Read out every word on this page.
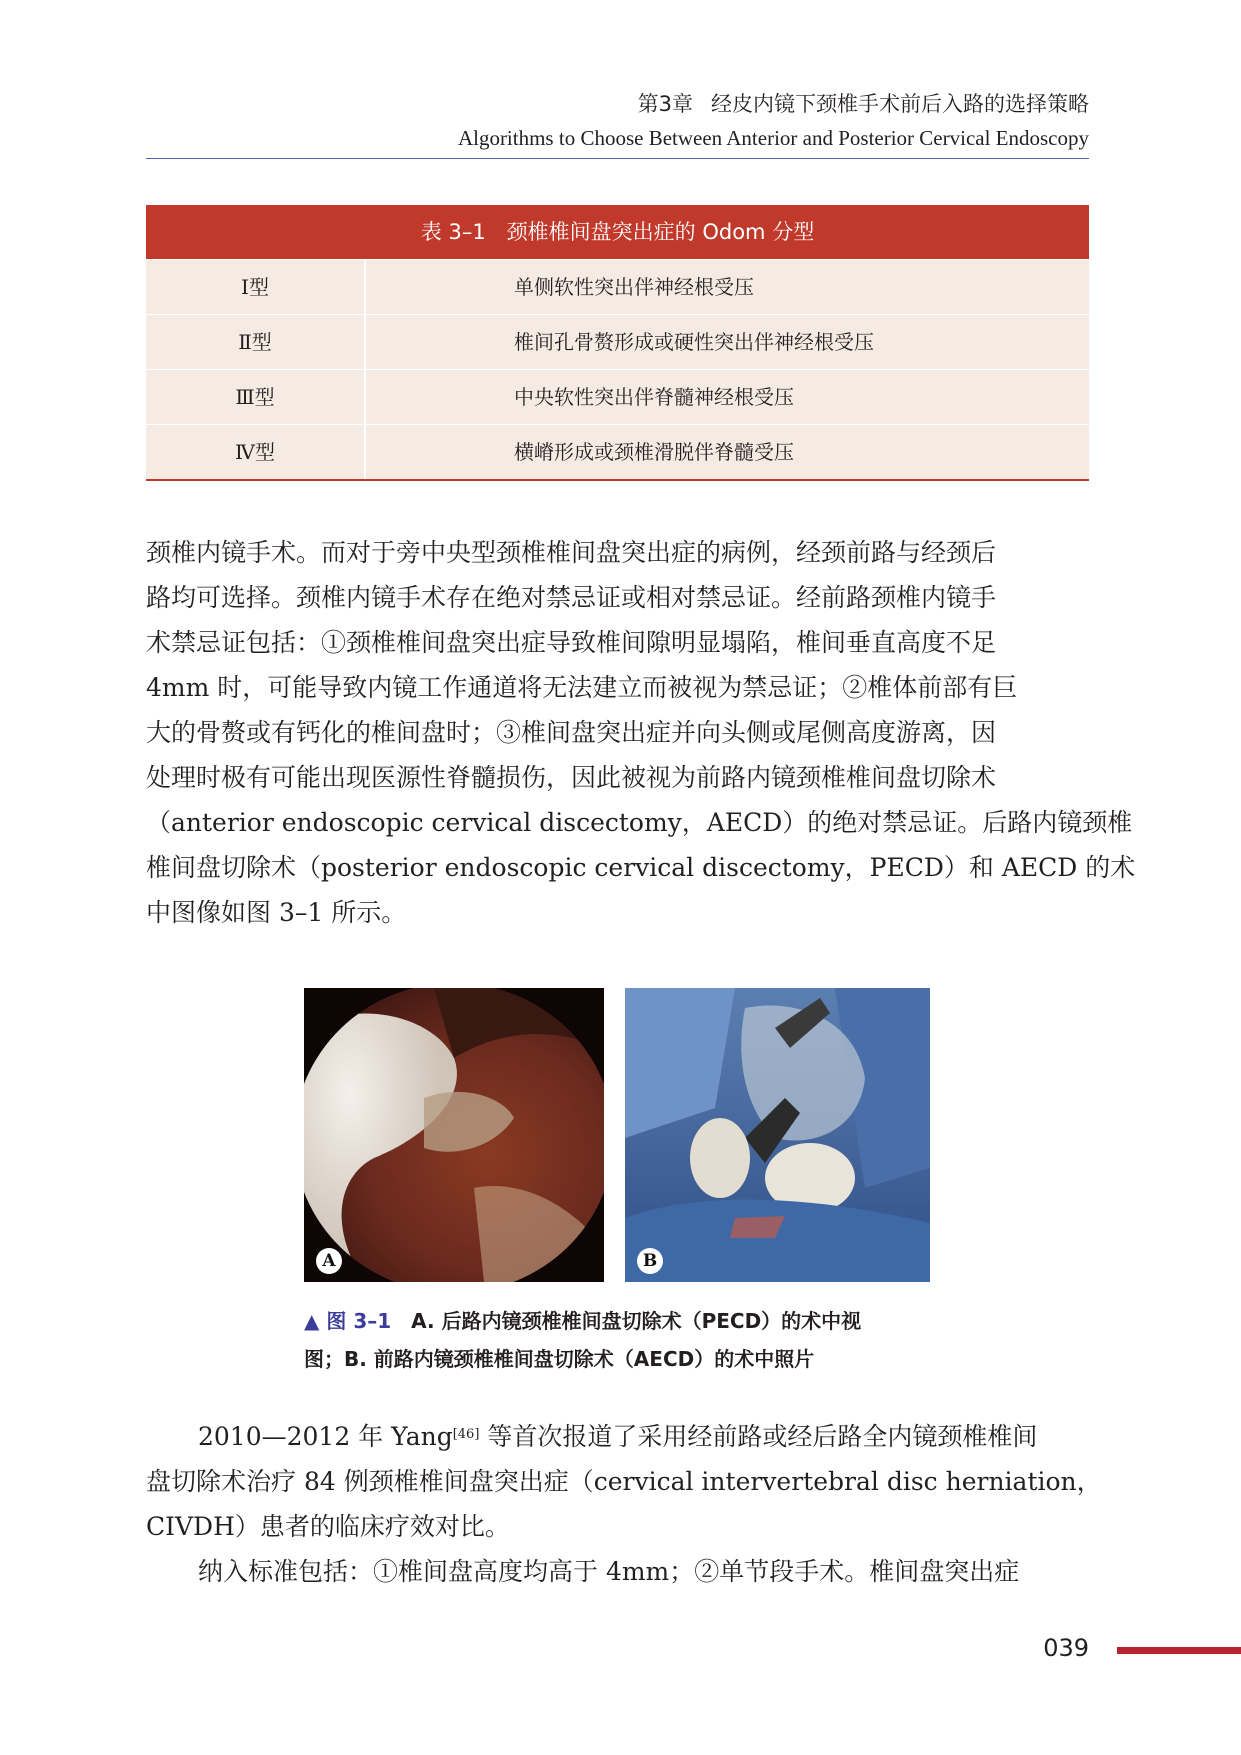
第3章 经皮内镜下颈椎手术前后入路的选择策略
Algorithms to Choose Between Anterior and Posterior Cervical Endoscopy
表 3–1　颈椎椎间盘突出症的 Odom 分型
Ⅰ型	单侧软性突出伴神经根受压
Ⅱ型	椎间孔骨赘形成或硬性突出伴神经根受压
Ⅲ型	中央软性突出伴脊髓神经根受压
Ⅳ型	横嵴形成或颈椎滑脱伴脊髓受压
颈椎内镜手术。而对于旁中央型颈椎椎间盘突出症的病例，经颈前路与经颈后
路均可选择。颈椎内镜手术存在绝对禁忌证或相对禁忌证。经前路颈椎内镜手
术禁忌证包括：①颈椎椎间盘突出症导致椎间隙明显塌陷，椎间垂直高度不足
4mm 时，可能导致内镜工作通道将无法建立而被视为禁忌证；②椎体前部有巨
大的骨赘或有钙化的椎间盘时；③椎间盘突出症并向头侧或尾侧高度游离，因
处理时极有可能出现医源性脊髓损伤，因此被视为前路内镜颈椎椎间盘切除术
（anterior endoscopic cervical discectomy，AECD）的绝对禁忌证。后路内镜颈椎
椎间盘切除术（posterior endoscopic cervical discectomy，PECD）和 AECD 的术
中图像如图 3–1 所示。
A	B
▲ 图 3–1　 A. 后路内镜颈椎椎间盘切除术（PECD）的术中视
图；B. 前路内镜颈椎椎间盘切除术（AECD）的术中照片
2010—2012 年 Yang[46] 等首次报道了采用经前路或经后路全内镜颈椎椎间
盘切除术治疗 84 例颈椎椎间盘突出症（cervical intervertebral disc herniation，
CIVDH）患者的临床疗效对比。
纳入标准包括：①椎间盘高度均高于 4mm；②单节段手术。椎间盘突出症
039
